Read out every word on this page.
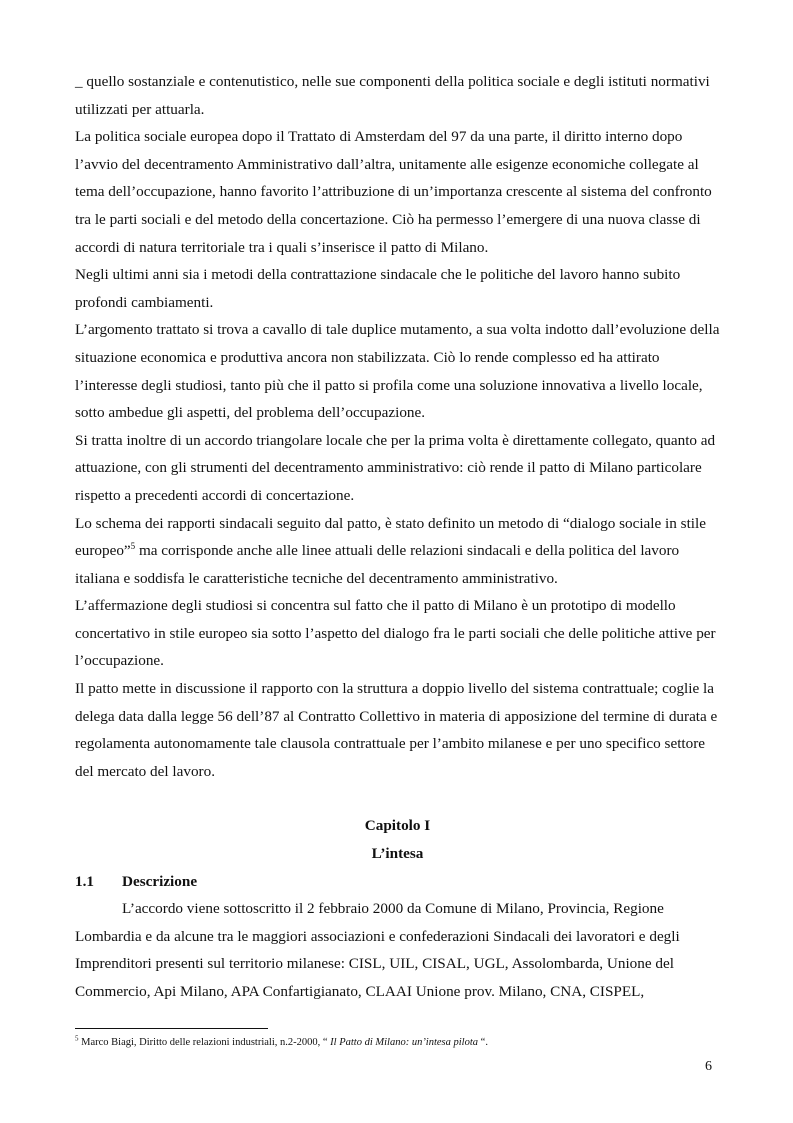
_ quello sostanziale e contenutistico, nelle sue componenti della politica sociale e degli istituti normativi utilizzati per attuarla.

La politica sociale europea dopo il Trattato di Amsterdam del 97 da una parte, il diritto interno dopo l’avvio del decentramento Amministrativo dall’altra, unitamente alle esigenze economiche collegate al tema dell’occupazione, hanno favorito l’attribuzione di un’importanza crescente al sistema del confronto tra le parti sociali e del metodo della concertazione. Ciò ha permesso l’emergere di una nuova classe di accordi di natura territoriale tra i quali s’inserisce il patto di Milano.

Negli ultimi anni sia i metodi della contrattazione sindacale che le politiche del lavoro hanno subito profondi cambiamenti.

L’argomento trattato si trova a cavallo di tale duplice mutamento, a sua volta indotto dall’evoluzione della situazione economica e produttiva ancora non stabilizzata. Ciò lo rende complesso ed ha attirato l’interesse degli studiosi, tanto più che il patto si profila come una soluzione innovativa a livello locale, sotto ambedue gli aspetti, del problema dell’occupazione.

Si tratta inoltre di un accordo triangolare locale che per la prima volta è direttamente collegato, quanto ad attuazione, con gli strumenti del decentramento amministrativo: ciò rende il patto di Milano particolare rispetto a precedenti accordi di concertazione.

Lo schema dei rapporti sindacali seguito dal patto, è stato definito un metodo di “dialogo sociale in stile europeo”$^5$ ma corrisponde anche alle linee attuali delle relazioni sindacali e della politica del lavoro italiana e soddisfa le caratteristiche tecniche del decentramento amministrativo.

L’affermazione degli studiosi si concentra sul fatto che il patto di Milano è un prototipo di modello concertativo in stile europeo sia sotto l’aspetto del dialogo fra le parti sociali che delle politiche attive per l’occupazione.

Il patto mette in discussione il rapporto con la struttura a doppio livello del sistema contrattuale; coglie la delega data dalla legge 56 dell’87 al Contratto Collettivo in materia di apposizione del termine di durata e regolamenta autonomamente tale clausola contrattuale per l’ambito milanese e per uno specifico settore del mercato del lavoro.

Capitolo I

L’intesa

1.1	Descrizione

L’accordo viene sottoscritto il 2 febbraio 2000 da Comune di Milano, Provincia, Regione Lombardia e da alcune tra le maggiori associazioni e confederazioni Sindacali dei lavoratori e degli Imprenditori presenti sul territorio milanese: CISL, UIL, CISAL, UGL, Assolombarda, Unione del Commercio, Api Milano, APA Confartigianato, CLAAI Unione prov. Milano, CNA, CISPEL,

$^5$ Marco Biagi, Diritto delle relazioni industriali, n.2-2000, “ Il Patto di Milano: un’intesa pilota “.
6
